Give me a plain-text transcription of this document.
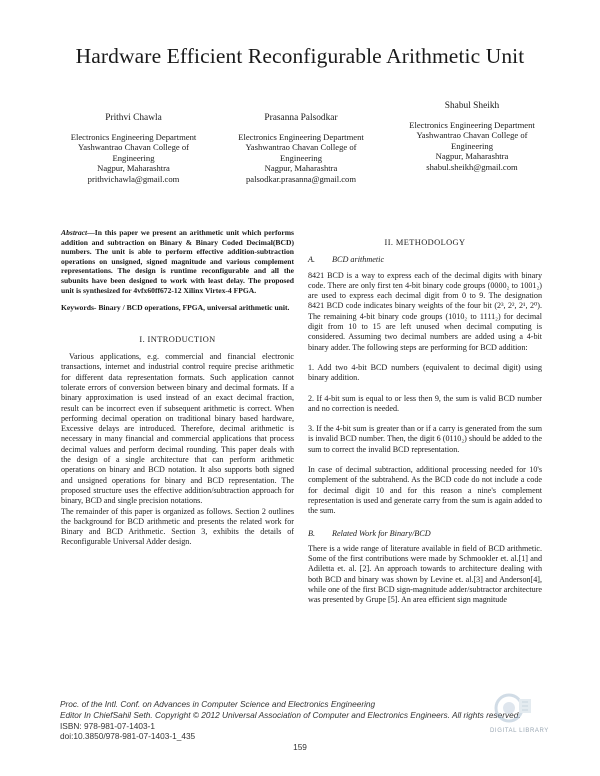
Hardware Efficient Reconfigurable Arithmetic Unit
Prithvi Chawla
Electronics Engineering Department
Yashwantrao Chavan College of
Engineering
Nagpur, Maharashtra
prithvichawla@gmail.com
Prasanna Palsodkar
Electronics Engineering Department
Yashwantrao Chavan College of
Engineering
Nagpur, Maharashtra
palsodkar.prasanna@gmail.com
Shabul Sheikh
Electronics Engineering Department
Yashwantrao Chavan College of
Engineering
Nagpur, Maharashtra
shabul.sheikh@gmail.com

Abstract—In this paper we present an arithmetic unit which performs addition and subtraction on Binary & Binary Coded Decimal(BCD) numbers. The unit is able to perform effective addition-subtraction operations on unsigned, signed magnitude and various complement representations. The design is runtime reconfigurable and all the subunits have been designed to work with least delay. The proposed unit is synthesized for 4vfx60ff672-12 Xilinx Virtex-4 FPGA.

Keywords- Binary / BCD operations, FPGA, universal arithmetic unit.

I. INTRODUCTION

Various applications, e.g. commercial and financial electronic transactions, internet and industrial control require precise arithmetic for different data representation formats. Such application cannot tolerate errors of conversion between binary and decimal formats. If a binary approximation is used instead of an exact decimal fraction, result can be incorrect even if subsequent arithmetic is correct. When performing decimal operation on traditional binary based hardware, Excessive delays are introduced. Therefore, decimal arithmetic is necessary in many financial and commercial applications that process decimal values and perform decimal rounding. This paper deals with the design of a single architecture that can perform arithmetic operations on binary and BCD notation. It also supports both signed and unsigned operations for binary and BCD representation. The proposed structure uses the effective addition/subtraction approach for binary, BCD and single precision notations.

The remainder of this paper is organized as follows. Section 2 outlines the background for BCD arithmetic and presents the related work for Binary and BCD Arithmetic. Section 3, exhibits the details of Reconfigurable Universal Adder design.

II. METHODOLOGY

A. BCD arithmetic

8421 BCD is a way to express each of the decimal digits with binary code. There are only first ten 4-bit binary code groups (0000₂ to 1001₂) are used to express each decimal digit from 0 to 9. The designation 8421 BCD code indicates binary weights of the four bit (2³, 2², 2¹, 2⁰). The remaining 4-bit binary code groups (1010₂ to 1111₂) for decimal digit from 10 to 15 are left unused when decimal computing is considered. Assuming two decimal numbers are added using a 4-bit binary adder. The following steps are performing for BCD addition:

1. Add two 4-bit BCD numbers (equivalent to decimal digit) using binary addition.

2. If 4-bit sum is equal to or less then 9, the sum is valid BCD number and no correction is needed.

3. If the 4-bit sum is greater than or if a carry is generated from the sum is invalid BCD number. Then, the digit 6 (0110₂) should be added to the sum to correct the invalid BCD representation.

In case of decimal subtraction, additional processing needed for 10's complement of the subtrahend. As the BCD code do not include a code for decimal digit 10 and for this reason a nine's complement representation is used and generate carry from the sum is again added to the sum.

B. Related Work for Binary/BCD

There is a wide range of literature available in field of BCD arithmetic. Some of the first contributions were made by Schmookler et. al.[1] and Adiletta et. al. [2]. An approach towards to architecture dealing with both BCD and binary was shown by Levine et. al.[3] and Anderson[4], while one of the first BCD sign-magnitude adder/subtractor architecture was presented by Grupe [5]. An area efficient sign magnitude

Proc. of the Intl. Conf. on Advances in Computer Science and Electronics Engineering
Editor In ChiefSahil Seth. Copyright © 2012 Universal Association of Computer and Electronics Engineers. All rights reserved.
ISBN: 978-981-07-1403-1
doi:10.3850/978-981-07-1403-1_435
DIGITAL LIBRARY
159
